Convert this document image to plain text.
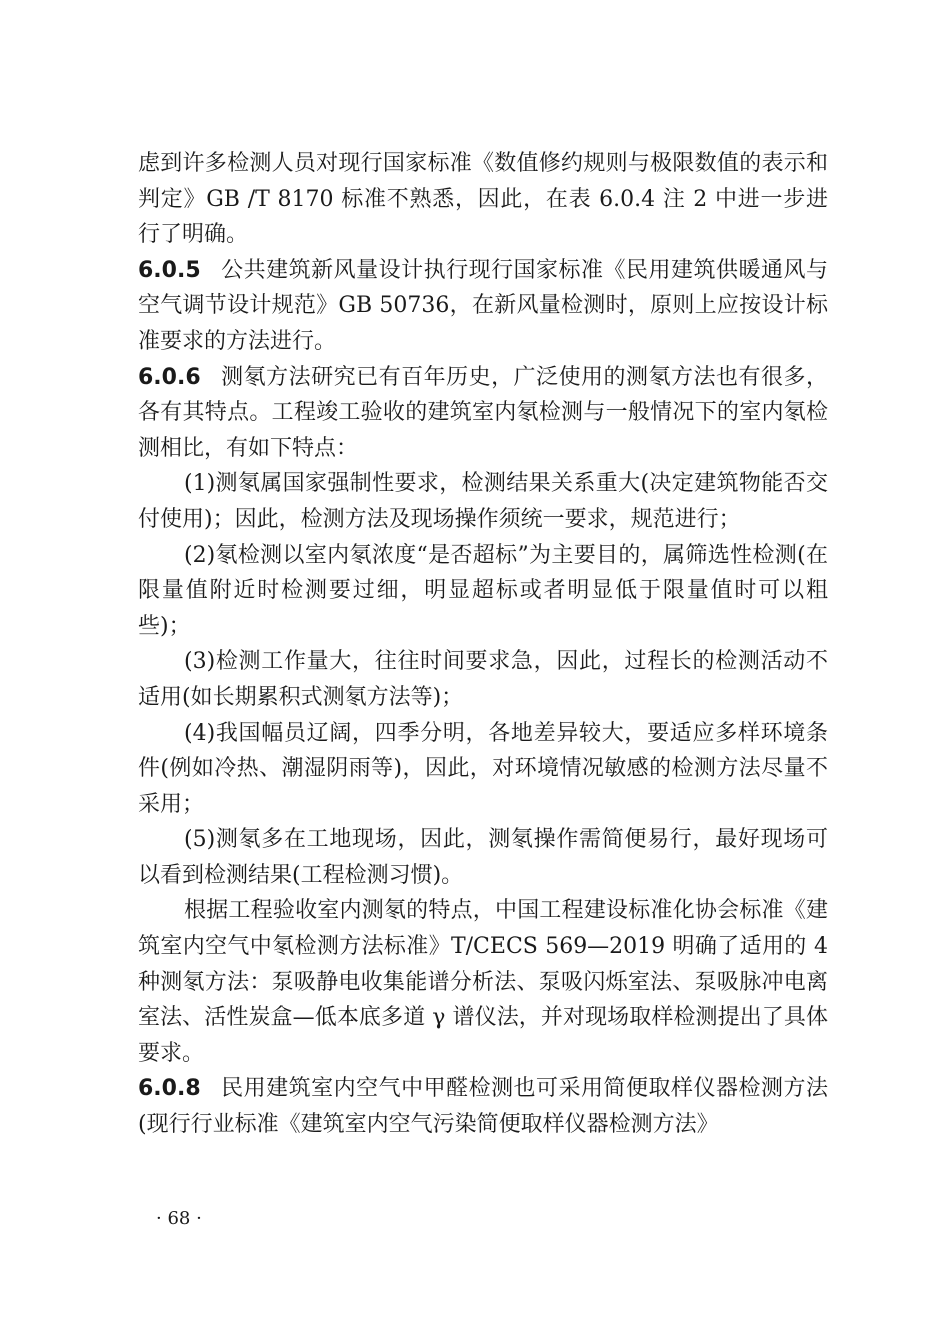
虑到许多检测人员对现行国家标准《数值修约规则与极限数值的表示和判定》GB /T 8170 标准不熟悉，因此，在表 6.0.4 注 2 中进一步进行了明确。

6.0.5 公共建筑新风量设计执行现行国家标准《民用建筑供暖通风与空气调节设计规范》GB 50736，在新风量检测时，原则上应按设计标准要求的方法进行。

6.0.6 测氡方法研究已有百年历史，广泛使用的测氡方法也有很多，各有其特点。工程竣工验收的建筑室内氡检测与一般情况下的室内氡检测相比，有如下特点：

(1)测氡属国家强制性要求，检测结果关系重大(决定建筑物能否交付使用)；因此，检测方法及现场操作须统一要求，规范进行；

(2)氡检测以室内氡浓度“是否超标”为主要目的，属筛选性检测(在限量值附近时检测要过细，明显超标或者明显低于限量值时可以粗些)；

(3)检测工作量大，往往时间要求急，因此，过程长的检测活动不适用(如长期累积式测氡方法等)；

(4)我国幅员辽阔，四季分明，各地差异较大，要适应多样环境条件(例如冷热、潮湿阴雨等)，因此，对环境情况敏感的检测方法尽量不采用；

(5)测氡多在工地现场，因此，测氡操作需简便易行，最好现场可以看到检测结果(工程检测习惯)。

根据工程验收室内测氡的特点，中国工程建设标准化协会标准《建筑室内空气中氡检测方法标准》T/CECS 569—2019 明确了适用的 4 种测氡方法：泵吸静电收集能谱分析法、泵吸闪烁室法、泵吸脉冲电离室法、活性炭盒—低本底多道 γ 谱仪法，并对现场取样检测提出了具体要求。

6.0.8 民用建筑室内空气中甲醛检测也可采用简便取样仪器检测方法(现行行业标准《建筑室内空气污染简便取样仪器检测方法》

· 68 ·
